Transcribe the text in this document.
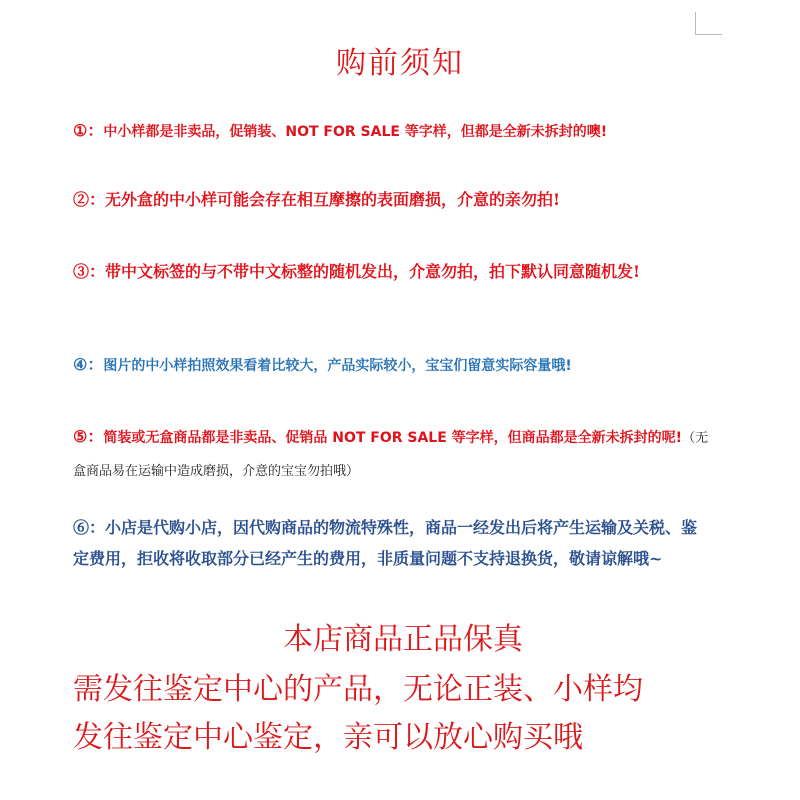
购前须知
①：中小样都是非卖品，促销装、NOT FOR SALE 等字样，但都是全新未拆封的噢!
②：无外盒的中小样可能会存在相互摩擦的表面磨损，介意的亲勿拍!
③：带中文标签的与不带中文标整的随机发出，介意勿拍，拍下默认同意随机发!
④：图片的中小样拍照效果看着比较大，产品实际较小，宝宝们留意实际容量哦!
⑤：简装或无盒商品都是非卖品、促销品 NOT FOR SALE 等字样，但商品都是全新未拆封的呢!（无盒商品易在运输中造成磨损，介意的宝宝勿拍哦）
⑥：小店是代购小店，因代购商品的物流特殊性，商品一经发出后将产生运输及关税、鉴定费用，拒收将收取部分已经产生的费用，非质量问题不支持退换货，敬请谅解哦~
本店商品正品保真
需发往鉴定中心的产品，无论正装、小样均
发往鉴定中心鉴定，亲可以放心购买哦
